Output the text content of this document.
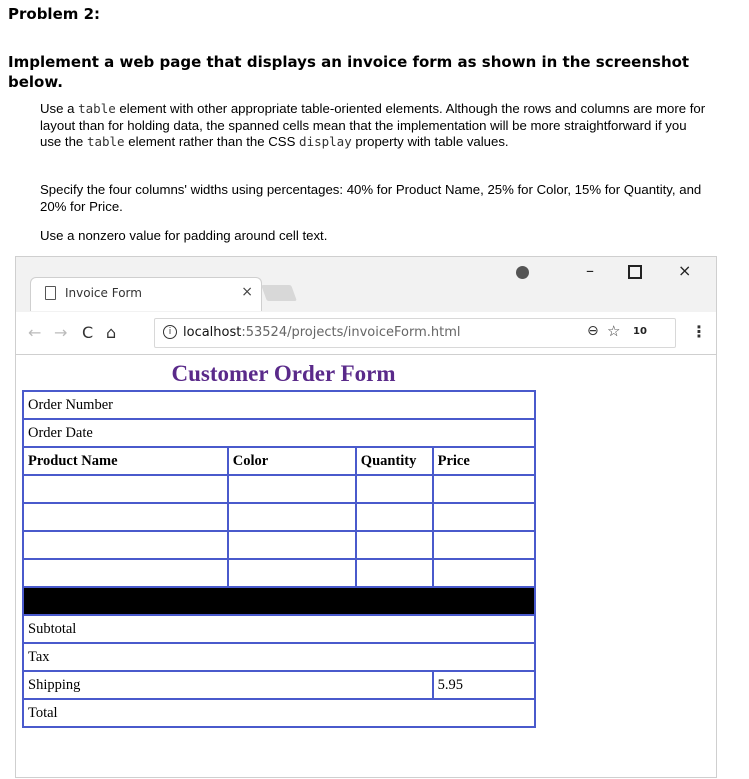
Problem 2:
Implement a web page that displays an invoice form as shown in the screenshot below.

Use a table element with other appropriate table-oriented elements. Although the rows and columns are more for layout than for holding data, the spanned cells mean that the implementation will be more straightforward if you use the table element rather than the CSS display property with table values.

Specify the four columns' widths using percentages: 40% for Product Name, 25% for Color, 15% for Quantity, and 20% for Price.

Use a nonzero value for padding around cell text.

Invoice Form	×
–	×
← → C ⌂	i localhost:53524/projects/invoiceForm.html	⊖ ☆ 10	⋮
Customer Order Form
Order Number			
Order Date			
Product Name	Color	Quantity	Price

Subtotal			
Tax			
Shipping			5.95
Total			
